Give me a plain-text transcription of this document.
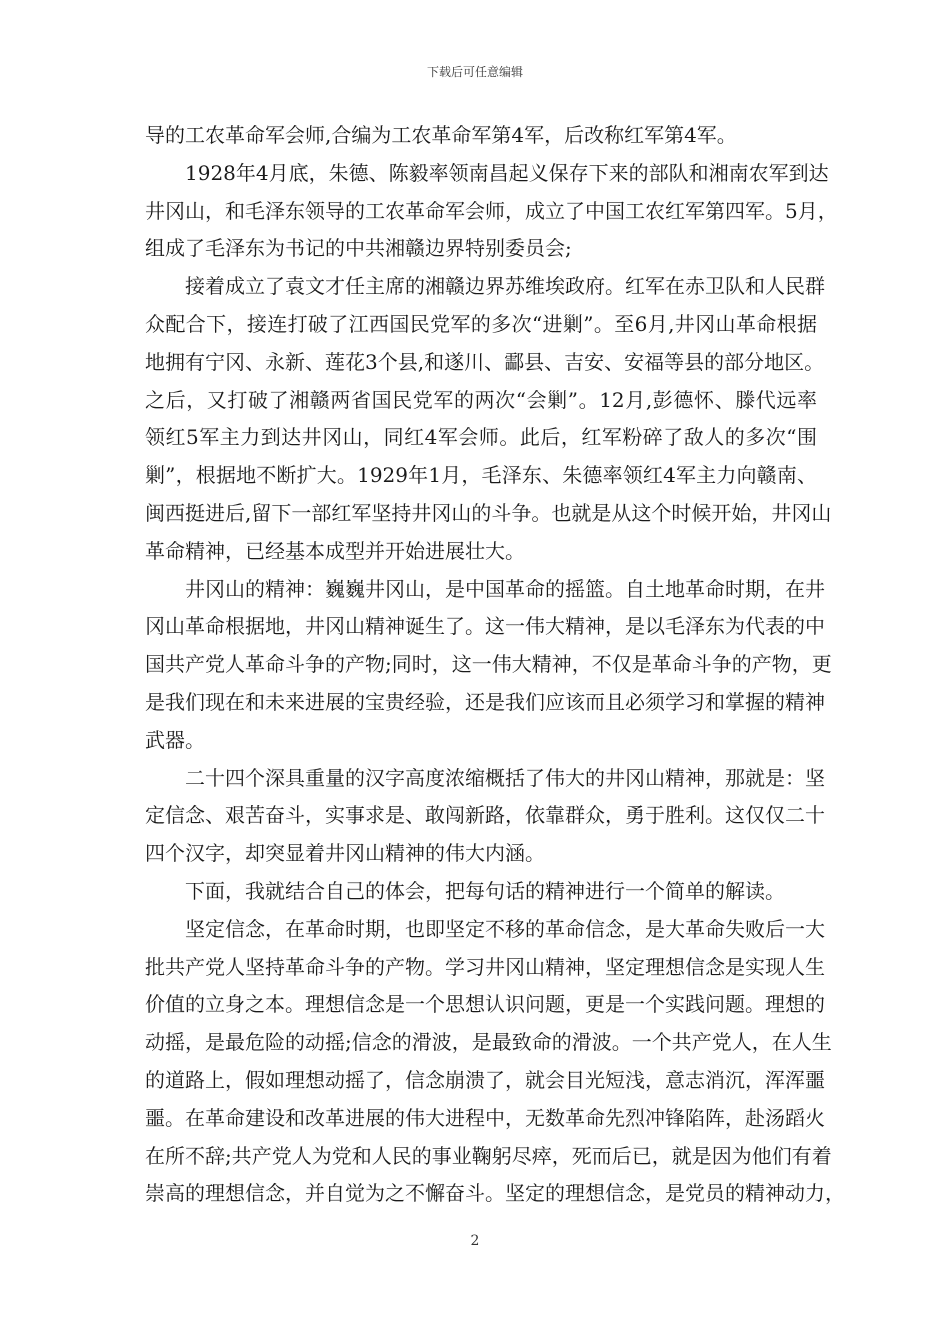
下载后可任意编辑
导的工农革命军会师,合编为工农革命军第4军，后改称红军第4军。
1928年4月底，朱德、陈毅率领南昌起义保存下来的部队和湘南农军到达
井冈山，和毛泽东领导的工农革命军会师，成立了中国工农红军第四军。5月，
组成了毛泽东为书记的中共湘赣边界特别委员会;
接着成立了袁文才任主席的湘赣边界苏维埃政府。红军在赤卫队和人民群
众配合下，接连打破了江西国民党军的多次“进剿”。至6月,井冈山革命根据
地拥有宁冈、永新、莲花3个县,和遂川、酃县、吉安、安福等县的部分地区。
之后，又打破了湘赣两省国民党军的两次“会剿”。12月,彭德怀、滕代远率
领红5军主力到达井冈山，同红4军会师。此后，红军粉碎了敌人的多次“围
剿”，根据地不断扩大。1929年1月，毛泽东、朱德率领红4军主力向赣南、
闽西挺进后,留下一部红军坚持井冈山的斗争。也就是从这个时候开始，井冈山
革命精神，已经基本成型并开始进展壮大。
井冈山的精神：巍巍井冈山，是中国革命的摇篮。自土地革命时期，在井
冈山革命根据地，井冈山精神诞生了。这一伟大精神，是以毛泽东为代表的中
国共产党人革命斗争的产物;同时，这一伟大精神，不仅是革命斗争的产物，更
是我们现在和未来进展的宝贵经验，还是我们应该而且必须学习和掌握的精神
武器。
二十四个深具重量的汉字高度浓缩概括了伟大的井冈山精神，那就是：坚
定信念、艰苦奋斗，实事求是、敢闯新路，依靠群众，勇于胜利。这仅仅二十
四个汉字，却突显着井冈山精神的伟大内涵。
下面，我就结合自己的体会，把每句话的精神进行一个简单的解读。
坚定信念，在革命时期，也即坚定不移的革命信念，是大革命失败后一大
批共产党人坚持革命斗争的产物。学习井冈山精神，坚定理想信念是实现人生
价值的立身之本。理想信念是一个思想认识问题，更是一个实践问题。理想的
动摇，是最危险的动摇;信念的滑波，是最致命的滑波。一个共产党人，在人生
的道路上，假如理想动摇了，信念崩溃了，就会目光短浅，意志消沉，浑浑噩
噩。在革命建设和改革进展的伟大进程中，无数革命先烈冲锋陷阵，赴汤蹈火
在所不辞;共产党人为党和人民的事业鞠躬尽瘁，死而后已，就是因为他们有着
崇高的理想信念，并自觉为之不懈奋斗。坚定的理想信念，是党员的精神动力，
2
